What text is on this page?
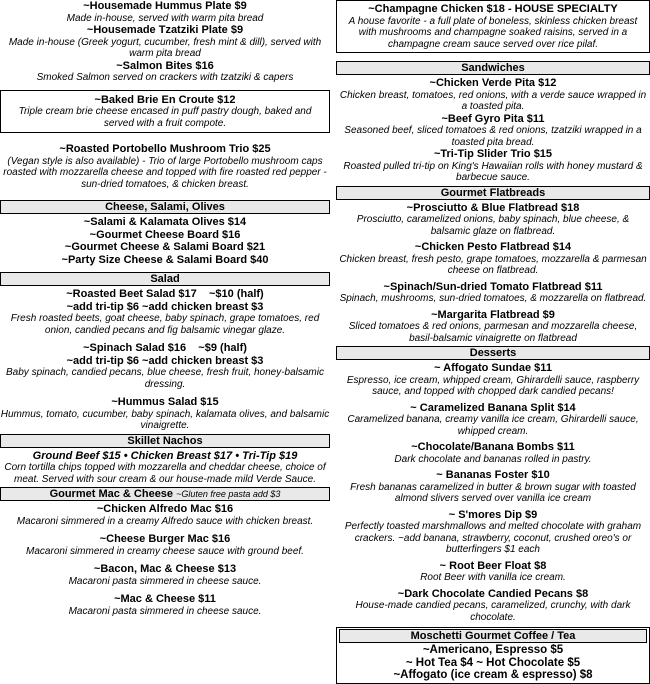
~Housemade Hummus Plate $9

Made in-house, served with warm pita bread

~Housemade Tzatziki Plate $9

Made in-house (Greek yogurt, cucumber, fresh mint & dill), served with warm pita bread

~Salmon Bites $16

Smoked Salmon served on crackers with tzatziki & capers

~Baked Brie En Croute $12

Triple cream brie cheese encased in puff pastry dough, baked and served with a fruit compote.

~Roasted Portobello Mushroom Trio $25

(Vegan style is also available) - Trio of large Portobello mushroom caps roasted with mozzarella cheese and topped with fire roasted red pepper - sun-dried tomatoes, & chicken breast.

Cheese, Salami, Olives

~Salami & Kalamata Olives $14

~Gourmet Cheese Board $16

~Gourmet Cheese & Salami Board $21

~Party Size Cheese & Salami Board $40

Salad

~Roasted Beet Salad $17    ~$10 (half)

~add tri-tip $6 ~add chicken breast $3

Fresh roasted beets, goat cheese, baby spinach, grape tomatoes, red onion, candied pecans and fig balsamic vinegar glaze.

~Spinach Salad $16    ~$9 (half)

~add tri-tip $6 ~add chicken breast $3

Baby spinach, candied pecans, blue cheese, fresh fruit, honey-balsamic dressing.

~Hummus Salad $15

Hummus, tomato, cucumber, baby spinach, kalamata olives, and balsamic vinaigrette.

Skillet Nachos

Ground Beef $15 • Chicken Breast $17 • Tri-Tip $19

Corn tortilla chips topped with mozzarella and cheddar cheese, choice of meat. Served with sour cream & our house-made mild Verde Sauce.

Gourmet Mac & Cheese ~Gluten free pasta add $3

~Chicken Alfredo Mac $16

Macaroni simmered in a creamy Alfredo sauce with chicken breast.

~Cheese Burger Mac $16

Macaroni simmered in creamy cheese sauce with ground beef.

~Bacon, Mac & Cheese $13

Macaroni pasta simmered in cheese sauce.

~Mac & Cheese $11

Macaroni pasta simmered in cheese sauce.

~Champagne Chicken $18 - HOUSE SPECIALTY

A house favorite - a full plate of boneless, skinless chicken breast with mushrooms and champagne soaked raisins, served in a champagne cream sauce served over rice pilaf.

Sandwiches

~Chicken Verde Pita $12

Chicken breast, tomatoes, red onions, with a verde sauce wrapped in a toasted pita.

~Beef Gyro Pita $11

Seasoned beef, sliced tomatoes & red onions, tzatziki wrapped in a toasted pita bread.

~Tri-Tip Slider Trio $15

Roasted pulled tri-tip on King's Hawaiian rolls with honey mustard & barbecue sauce.

Gourmet Flatbreads

~Prosciutto & Blue Flatbread $18

Prosciutto, caramelized onions, baby spinach, blue cheese, & balsamic glaze on flatbread.

~Chicken Pesto Flatbread $14

Chicken breast, fresh pesto, grape tomatoes, mozzarella & parmesan cheese on flatbread.

~Spinach/Sun-dried Tomato Flatbread $11

Spinach, mushrooms, sun-dried tomatoes, & mozzarella on flatbread.

~Margarita Flatbread $9

Sliced tomatoes & red onions, parmesan and mozzarella cheese, basil-balsamic vinaigrette on flatbread

Desserts

~ Affogato Sundae $11

Espresso, ice cream, whipped cream, Ghirardelli sauce, raspberry sauce, and topped with chopped dark candied pecans!

~ Caramelized Banana Split $14

Caramelized banana, creamy vanilla ice cream, Ghirardelli sauce, whipped cream.

~Chocolate/Banana Bombs $11

Dark chocolate and bananas rolled in pastry.

~ Bananas Foster $10

Fresh bananas caramelized in butter & brown sugar with toasted almond slivers served over vanilla ice cream

~ S'mores Dip $9

Perfectly toasted marshmallows and melted chocolate with graham crackers. ~add banana, strawberry, coconut, crushed oreo's or butterfingers $1 each

~ Root Beer Float $8

Root Beer with vanilla ice cream.

~Dark Chocolate Candied Pecans $8

House-made candied pecans, caramelized, crunchy, with dark chocolate.

Moschetti Gourmet Coffee / Tea

~Americano, Espresso $5

~ Hot Tea $4 ~ Hot Chocolate $5

~Affogato (ice cream & espresso) $8
